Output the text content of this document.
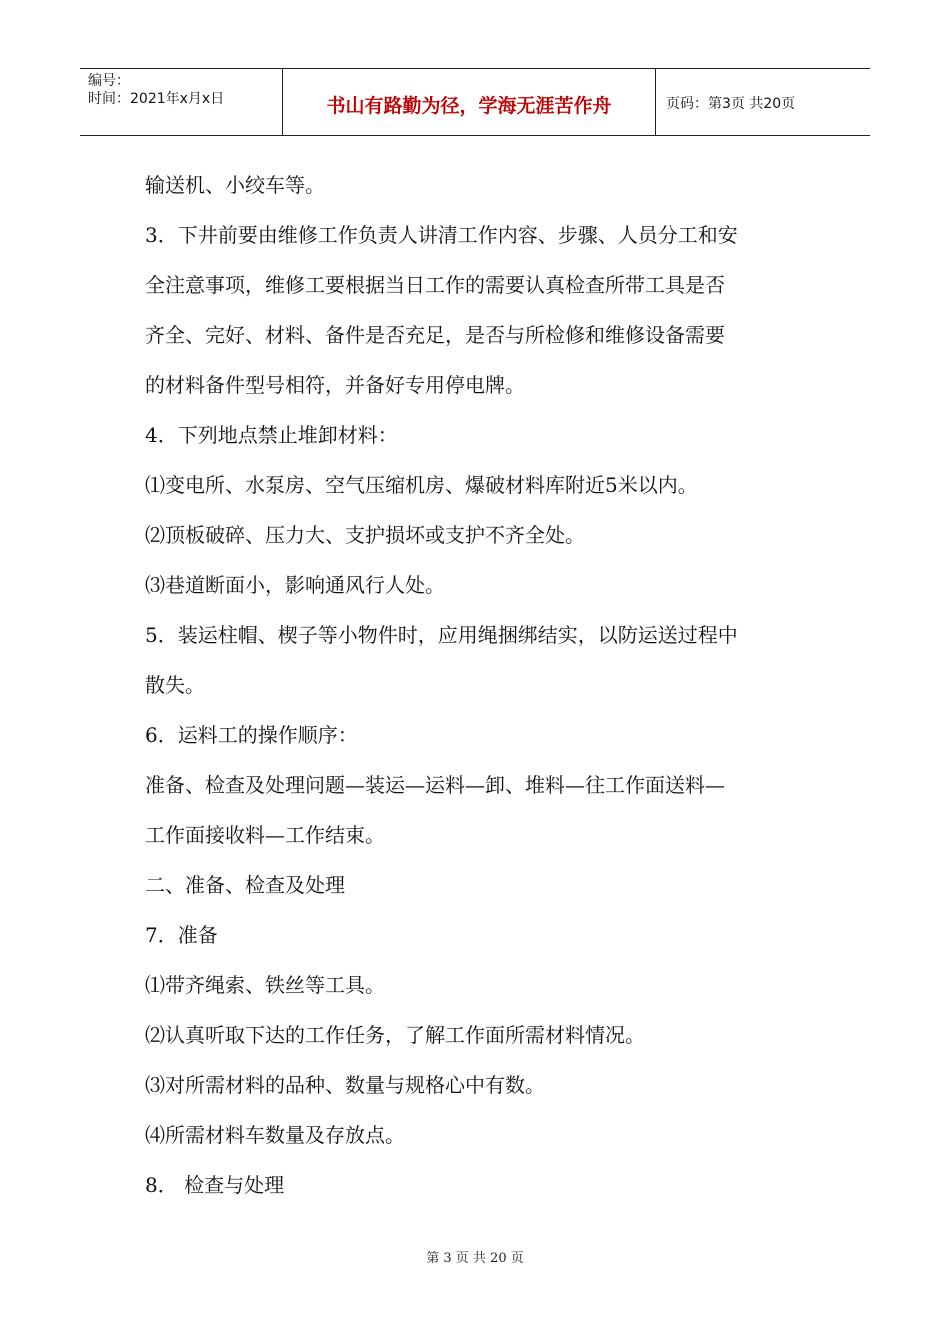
编号：
时间：2021年x月x日	书山有路勤为径，学海无涯苦作舟	页码：第3页 共20页
输送机、小绞车等。
3．下井前要由维修工作负责人讲清工作内容、步骤、人员分工和安
全注意事项，维修工要根据当日工作的需要认真检查所带工具是否
齐全、完好、材料、备件是否充足，是否与所检修和维修设备需要
的材料备件型号相符，并备好专用停电牌。
4．下列地点禁止堆卸材料：
⑴变电所、水泵房、空气压缩机房、爆破材料库附近5米以内。
⑵顶板破碎、压力大、支护损坏或支护不齐全处。
⑶巷道断面小，影响通风行人处。
5．装运柱帽、楔子等小物件时，应用绳捆绑结实，以防运送过程中
散失。
6．运料工的操作顺序：
准备、检查及处理问题—装运—运料—卸、堆料—往工作面送料—
工作面接收料—工作结束。
二、准备、检查及处理
7．准备
⑴带齐绳索、铁丝等工具。
⑵认真听取下达的工作任务，了解工作面所需材料情况。
⑶对所需材料的品种、数量与规格心中有数。
⑷所需材料车数量及存放点。
8． 检查与处理
第 3 页 共 20 页
